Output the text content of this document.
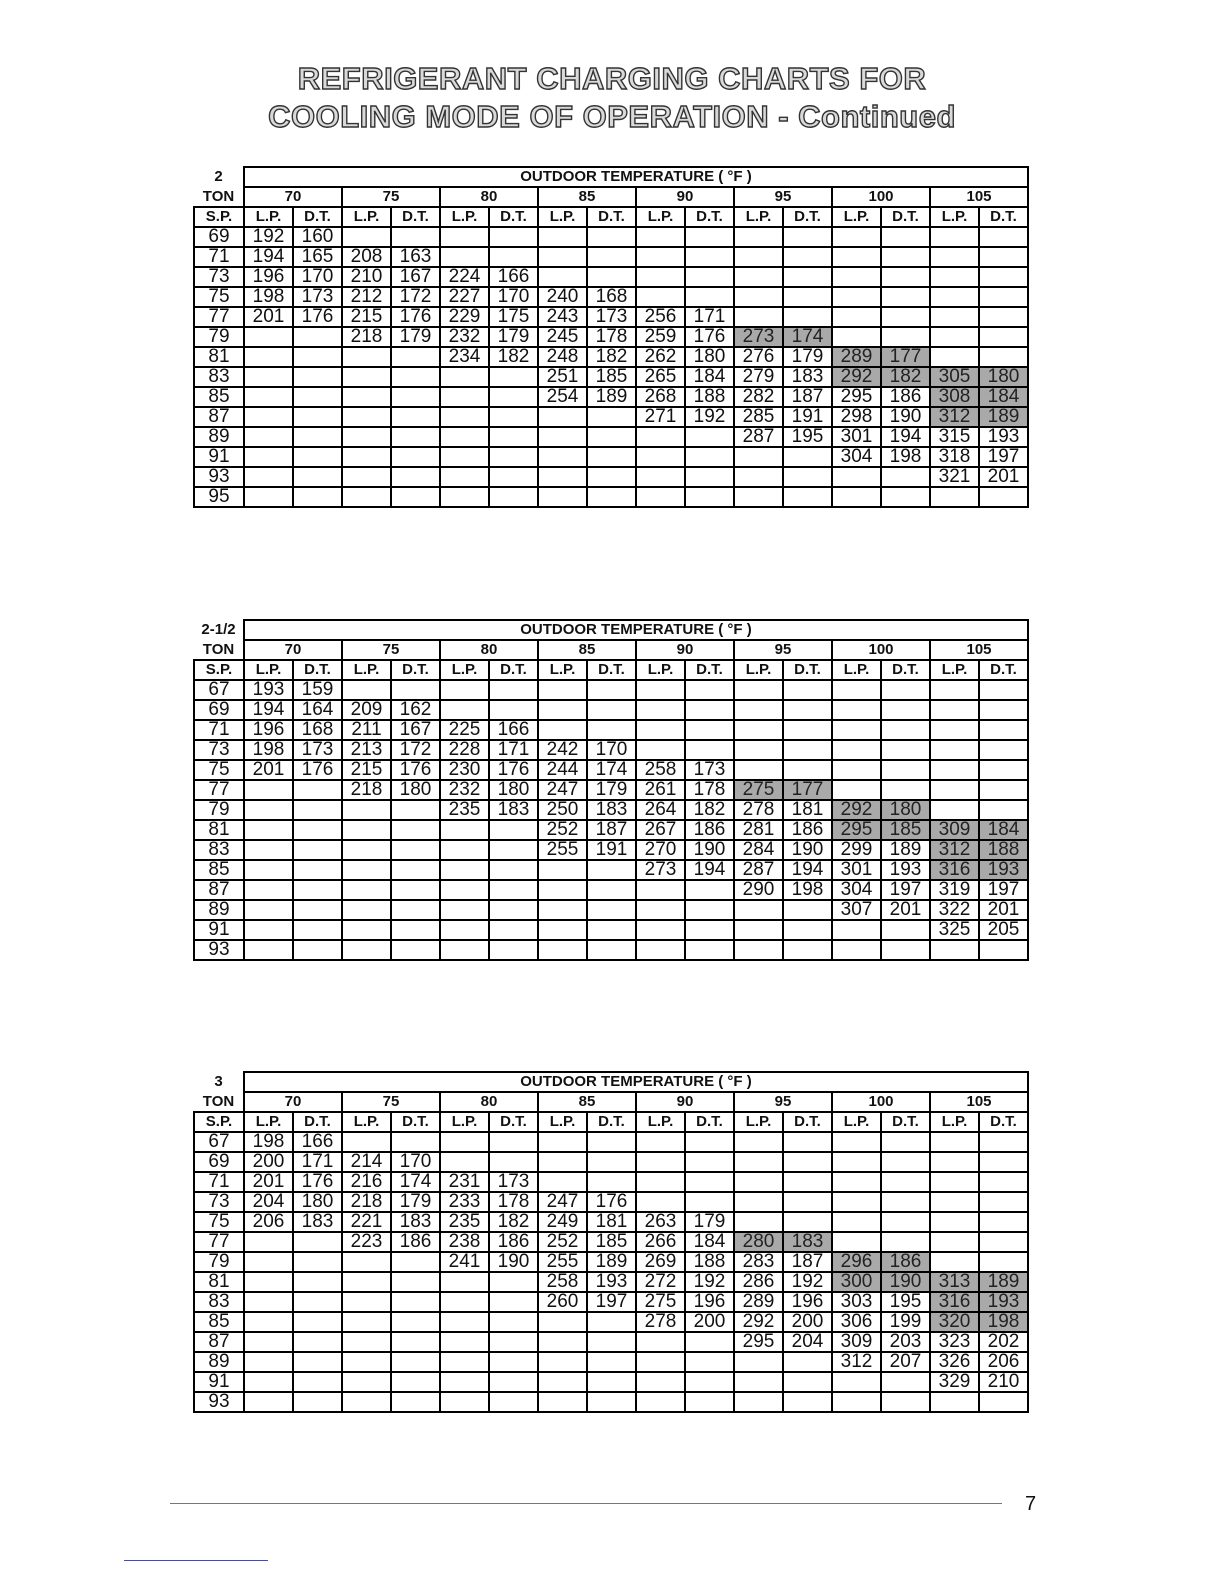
REFRIGERANT CHARGING CHARTS FOR
COOLING MODE OF OPERATION - Continued
2	OUTDOOR TEMPERATURE ( °F )															
TON	70		75		80		85		90		95		100		105	
S.P.	L.P.	D.T.	L.P.	D.T.	L.P.	D.T.	L.P.	D.T.	L.P.	D.T.	L.P.	D.T.	L.P.	D.T.	L.P.	D.T.
69	192	160														
71	194	165	208	163												
73	196	170	210	167	224	166										
75	198	173	212	172	227	170	240	168								
77	201	176	215	176	229	175	243	173	256	171						
79			218	179	232	179	245	178	259	176	273	174				
81					234	182	248	182	262	180	276	179	289	177		
83							251	185	265	184	279	183	292	182	305	180
85							254	189	268	188	282	187	295	186	308	184
87									271	192	285	191	298	190	312	189
89											287	195	301	194	315	193
91													304	198	318	197
93															321	201
95																
2-1/2	OUTDOOR TEMPERATURE ( °F )															
TON	70		75		80		85		90		95		100		105	
S.P.	L.P.	D.T.	L.P.	D.T.	L.P.	D.T.	L.P.	D.T.	L.P.	D.T.	L.P.	D.T.	L.P.	D.T.	L.P.	D.T.
67	193	159														
69	194	164	209	162												
71	196	168	211	167	225	166										
73	198	173	213	172	228	171	242	170								
75	201	176	215	176	230	176	244	174	258	173						
77			218	180	232	180	247	179	261	178	275	177				
79					235	183	250	183	264	182	278	181	292	180		
81							252	187	267	186	281	186	295	185	309	184
83							255	191	270	190	284	190	299	189	312	188
85									273	194	287	194	301	193	316	193
87											290	198	304	197	319	197
89													307	201	322	201
91															325	205
93																
3	OUTDOOR TEMPERATURE ( °F )															
TON	70		75		80		85		90		95		100		105	
S.P.	L.P.	D.T.	L.P.	D.T.	L.P.	D.T.	L.P.	D.T.	L.P.	D.T.	L.P.	D.T.	L.P.	D.T.	L.P.	D.T.
67	198	166														
69	200	171	214	170												
71	201	176	216	174	231	173										
73	204	180	218	179	233	178	247	176								
75	206	183	221	183	235	182	249	181	263	179						
77			223	186	238	186	252	185	266	184	280	183				
79					241	190	255	189	269	188	283	187	296	186		
81							258	193	272	192	286	192	300	190	313	189
83							260	197	275	196	289	196	303	195	316	193
85									278	200	292	200	306	199	320	198
87											295	204	309	203	323	202
89													312	207	326	206
91															329	210
93																
7
